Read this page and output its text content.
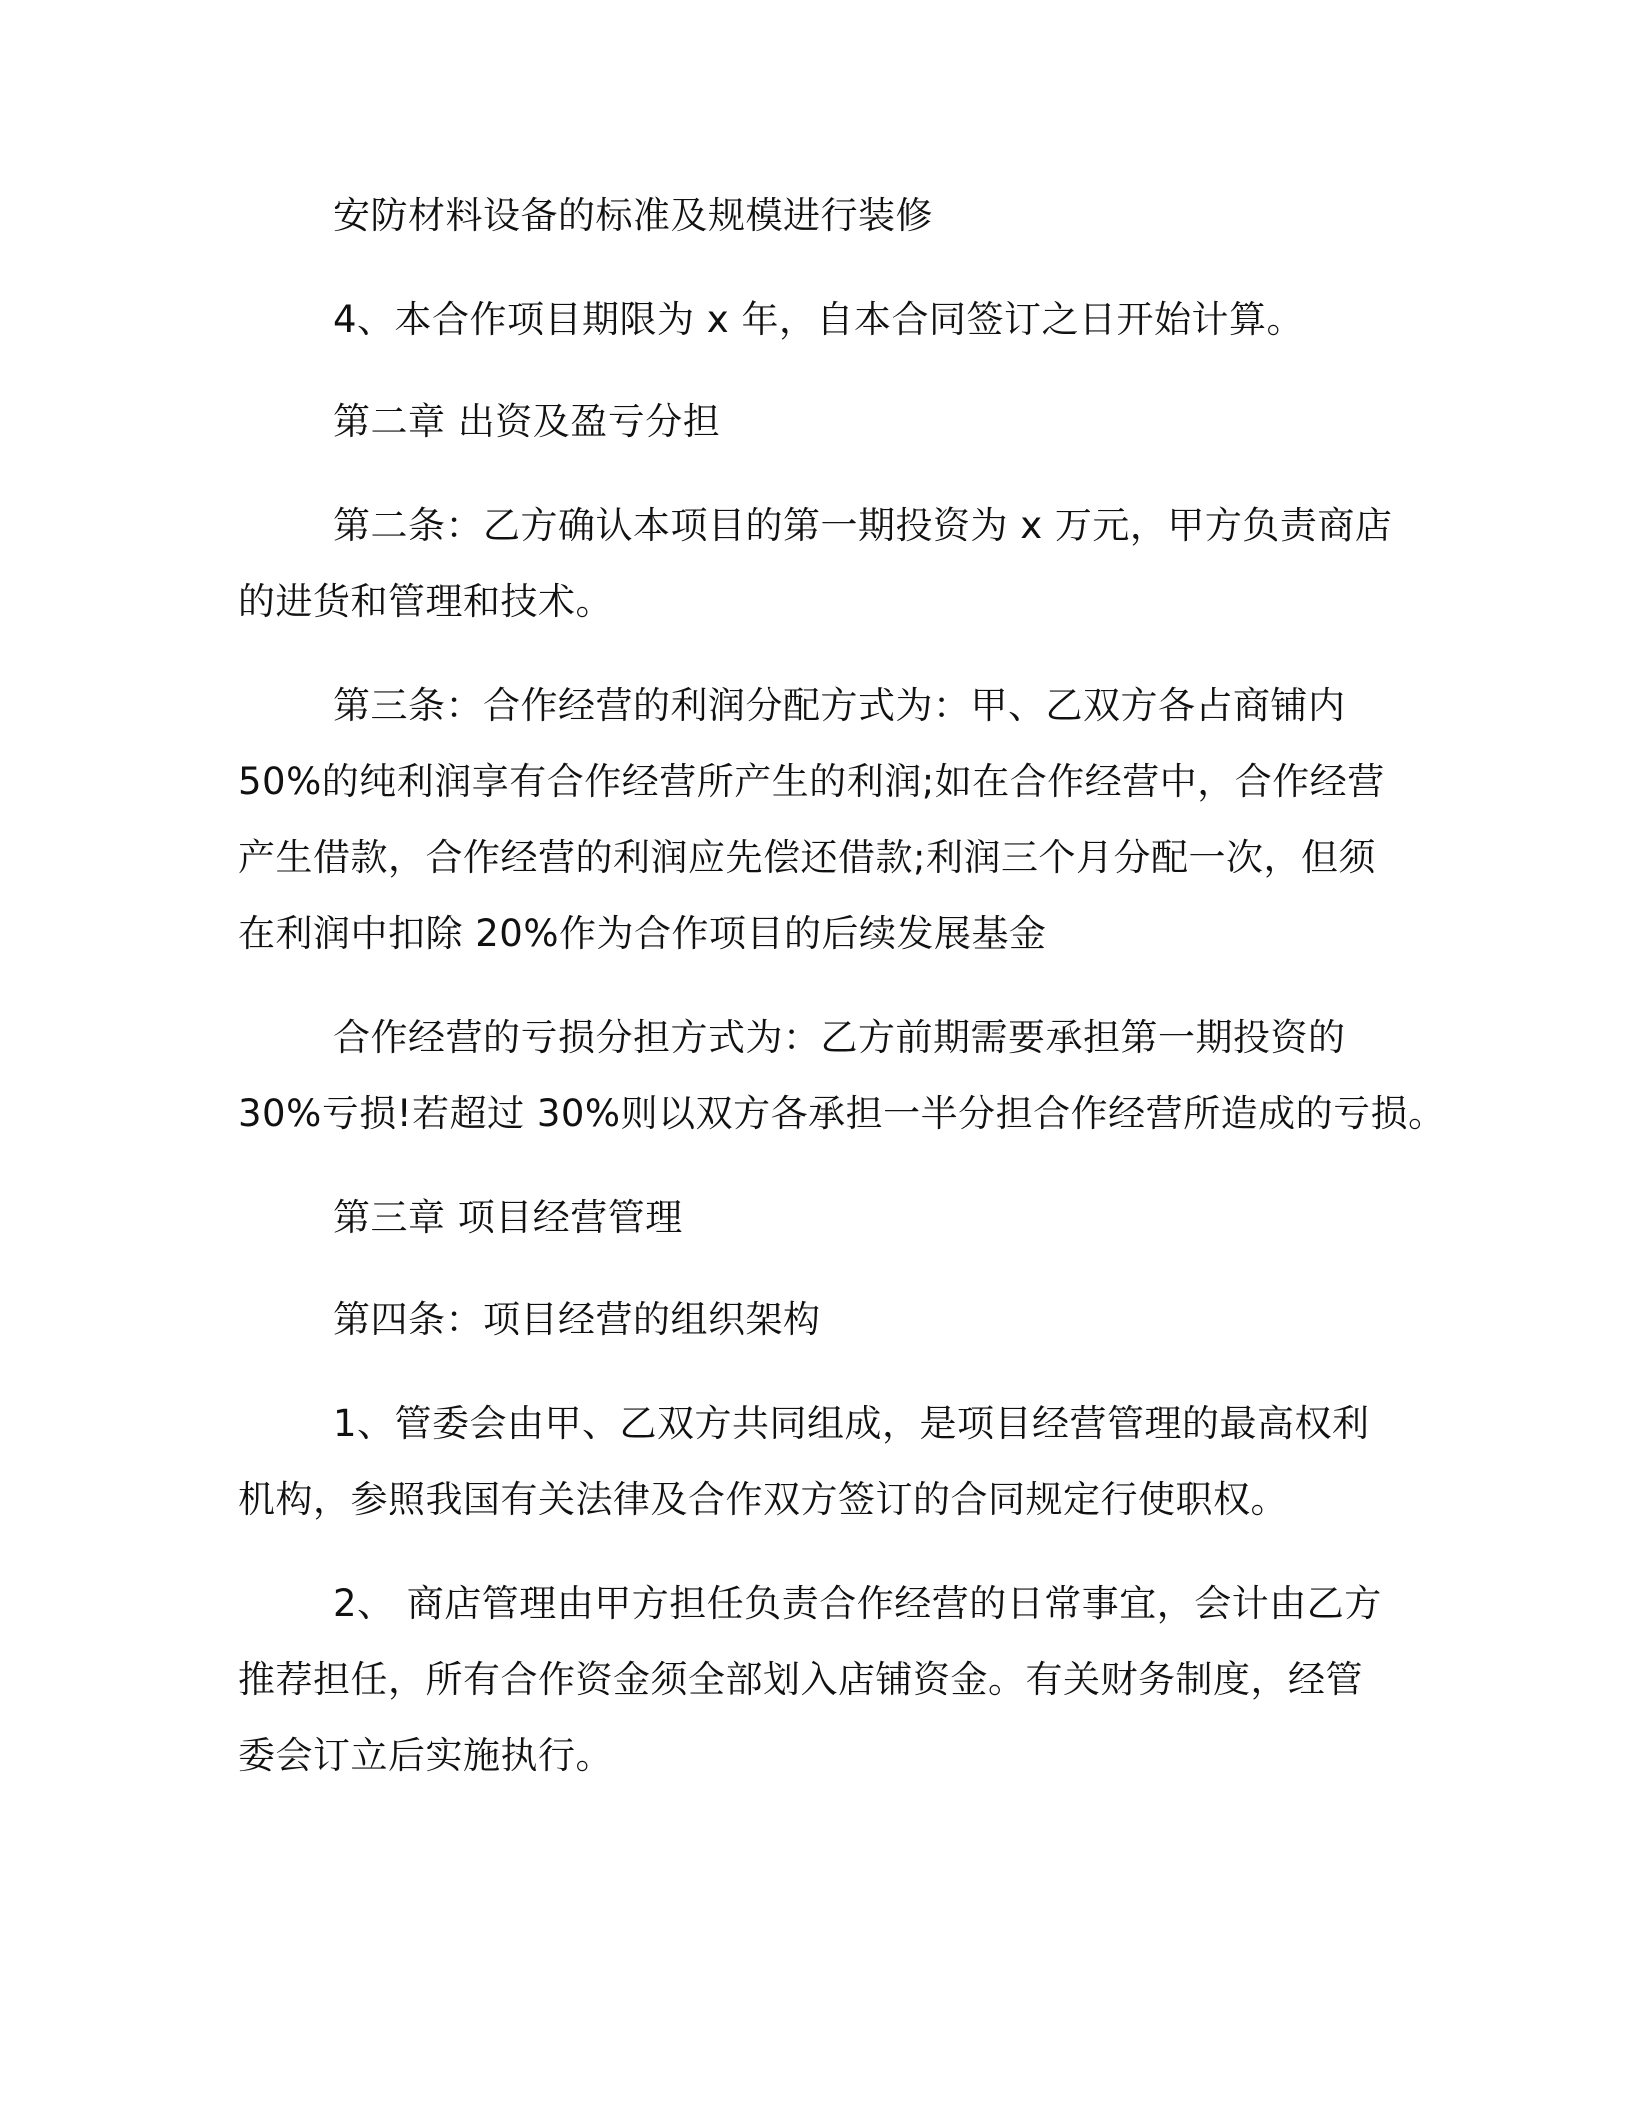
安防材料设备的标准及规模进行装修
4、本合作项目期限为 x 年，自本合同签订之日开始计算。
第二章 出资及盈亏分担
第二条：乙方确认本项目的第一期投资为 x 万元，甲方负责商店
的进货和管理和技术。
第三条：合作经营的利润分配方式为：甲、乙双方各占商铺内
50%的纯利润享有合作经营所产生的利润;如在合作经营中，合作经营
产生借款，合作经营的利润应先偿还借款;利润三个月分配一次，但须
在利润中扣除 20%作为合作项目的后续发展基金
合作经营的亏损分担方式为：乙方前期需要承担第一期投资的
30%亏损!若超过 30%则以双方各承担一半分担合作经营所造成的亏损。
第三章 项目经营管理
第四条：项目经营的组织架构
1、管委会由甲、乙双方共同组成，是项目经营管理的最高权利
机构，参照我国有关法律及合作双方签订的合同规定行使职权。
2、 商店管理由甲方担任负责合作经营的日常事宜，会计由乙方
推荐担任，所有合作资金须全部划入店铺资金。有关财务制度，经管
委会订立后实施执行。
